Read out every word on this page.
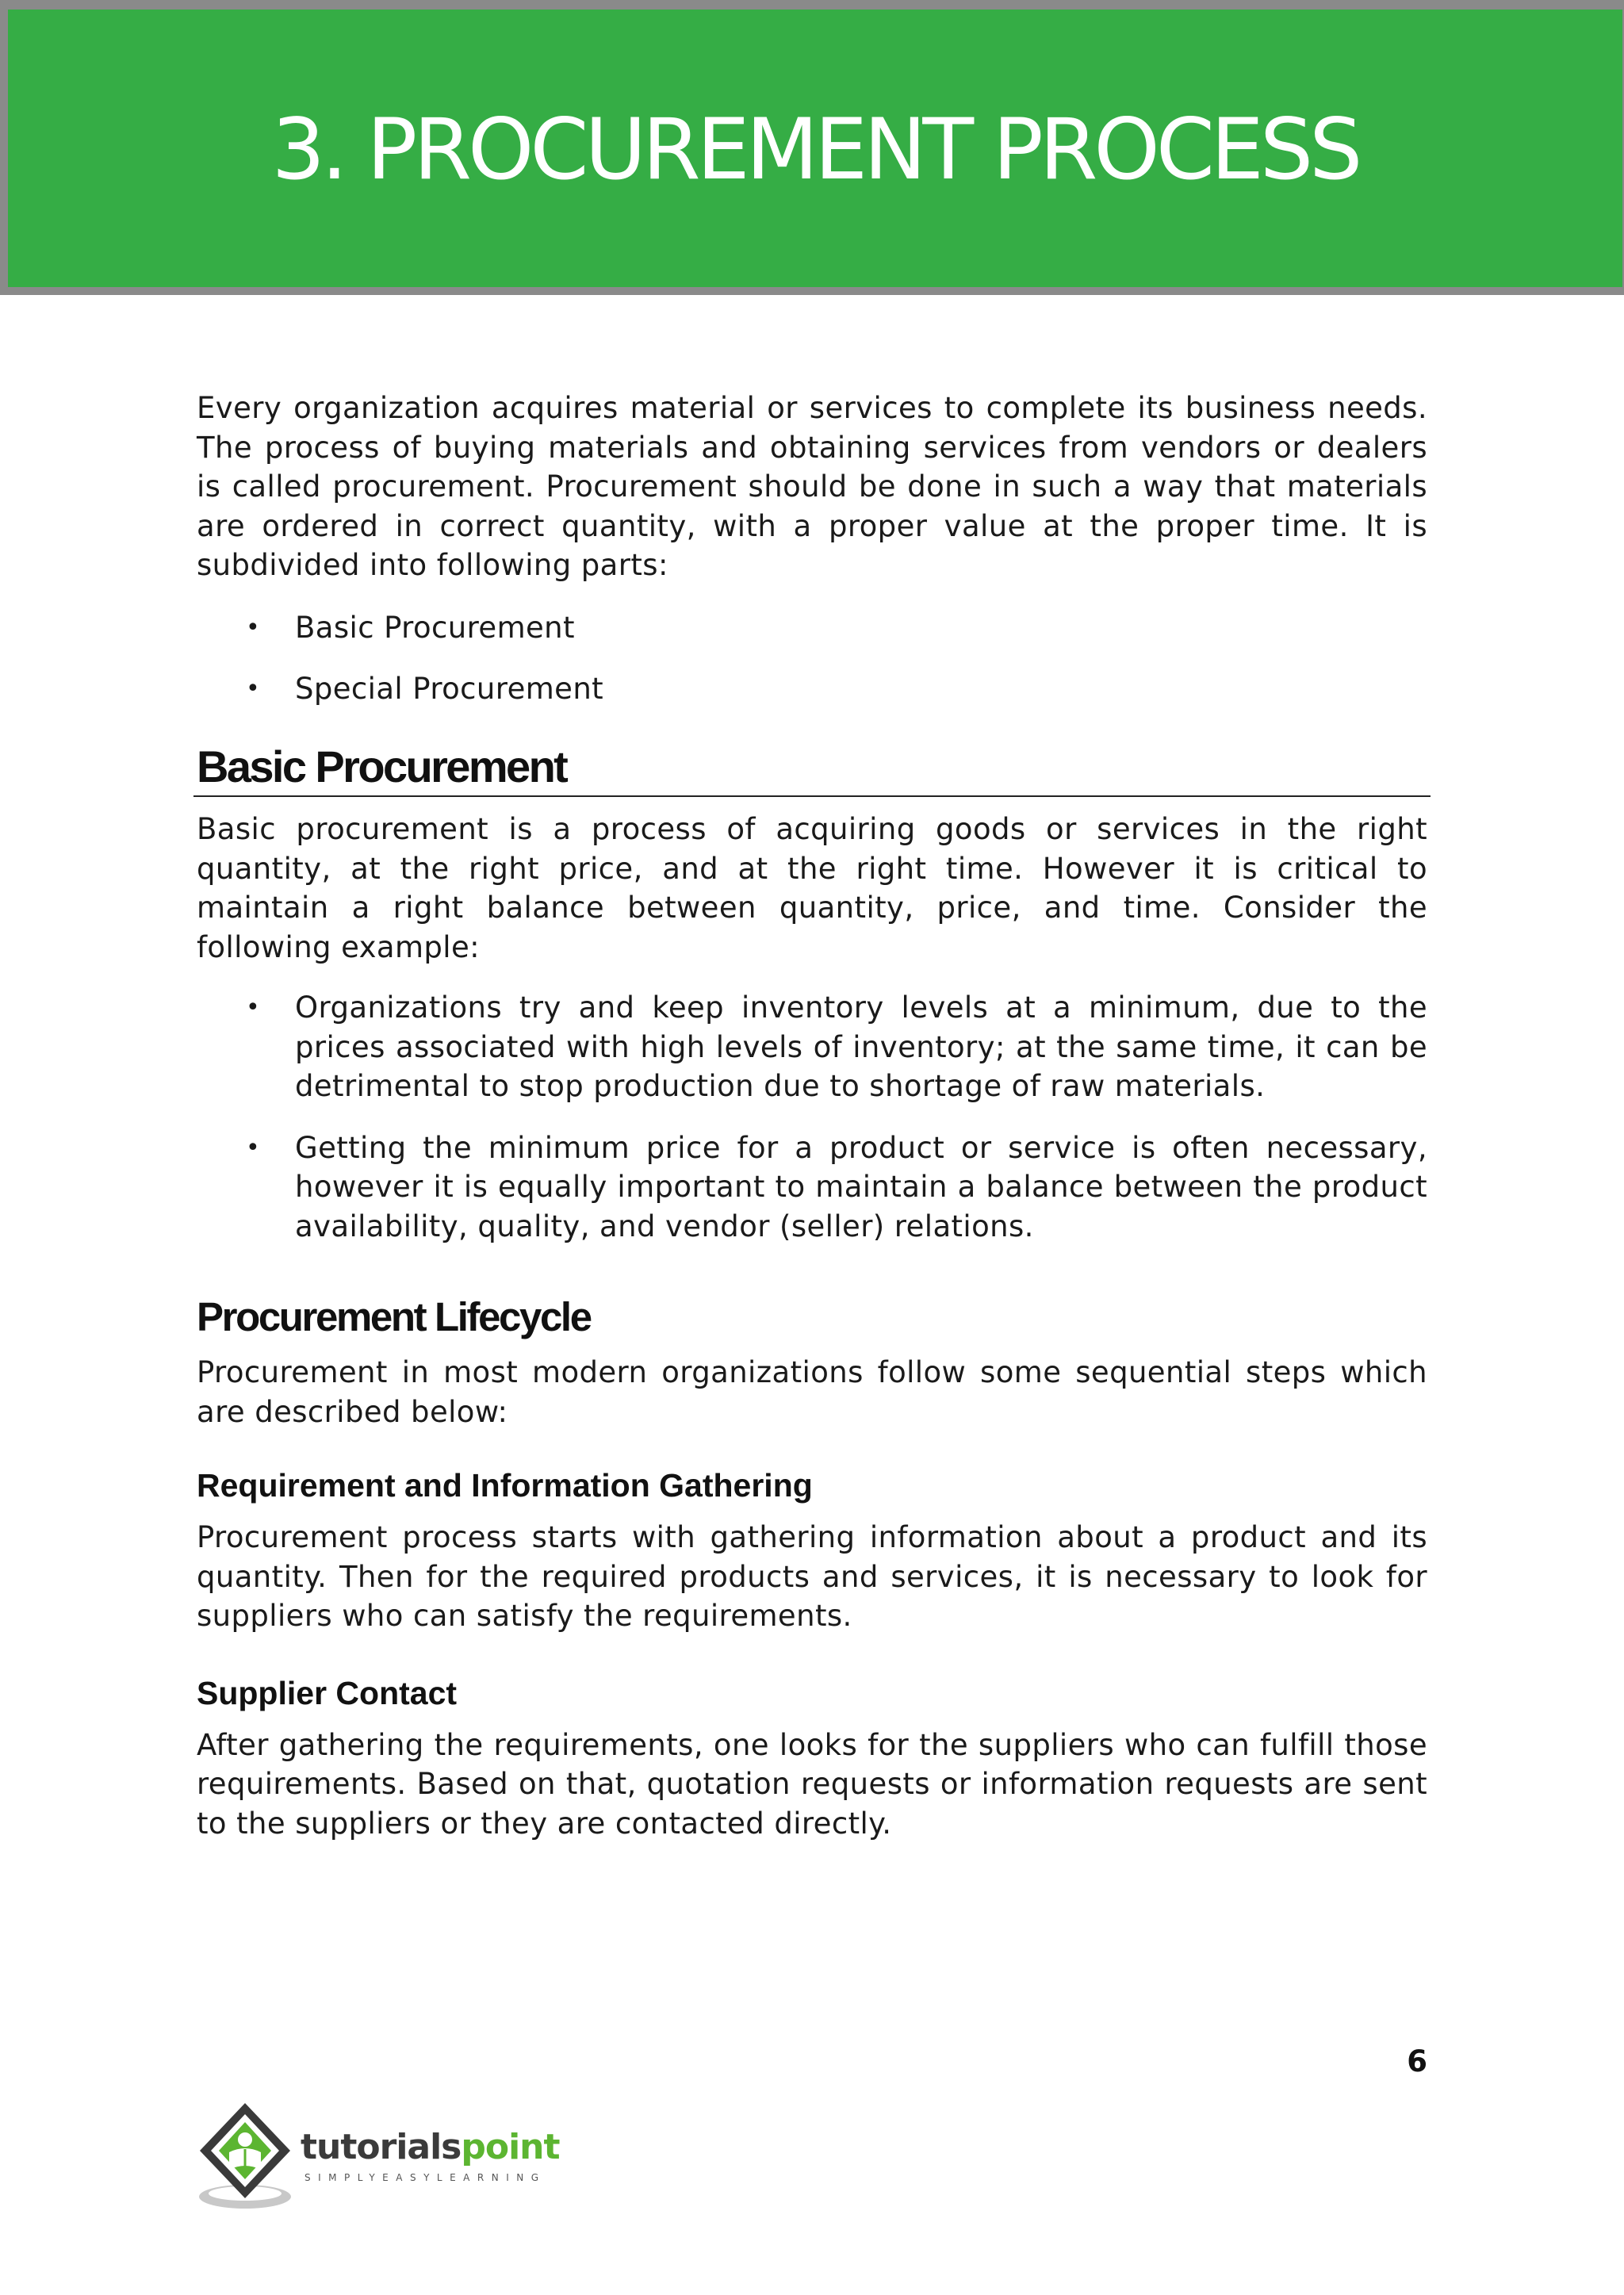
3. PROCUREMENT PROCESS

Every organization acquires material or services to complete its business needs. The process of buying materials and obtaining services from vendors or dealers is called procurement. Procurement should be done in such a way that materials are ordered in correct quantity, with a proper value at the proper time. It is subdivided into following parts:

• Basic Procurement
• Special Procurement
Basic Procurement

Basic procurement is a process of acquiring goods or services in the right quantity, at the right price, and at the right time. However it is critical to maintain a right balance between quantity, price, and time. Consider the following example:

• Organizations try and keep inventory levels at a minimum, due to the prices associated with high levels of inventory; at the same time, it can be detrimental to stop production due to shortage of raw materials.
• Getting the minimum price for a product or service is often necessary, however it is equally important to maintain a balance between the product availability, quality, and vendor (seller) relations.
Procurement Lifecycle

Procurement in most modern organizations follow some sequential steps which are described below:

Requirement and Information Gathering

Procurement process starts with gathering information about a product and its quantity. Then for the required products and services, it is necessary to look for suppliers who can satisfy the requirements.

Supplier Contact

After gathering the requirements, one looks for the suppliers who can fulfill those requirements. Based on that, quotation requests or information requests are sent to the suppliers or they are contacted directly.

6
tutorialspoint
SIMPLYEASYLEARNING
